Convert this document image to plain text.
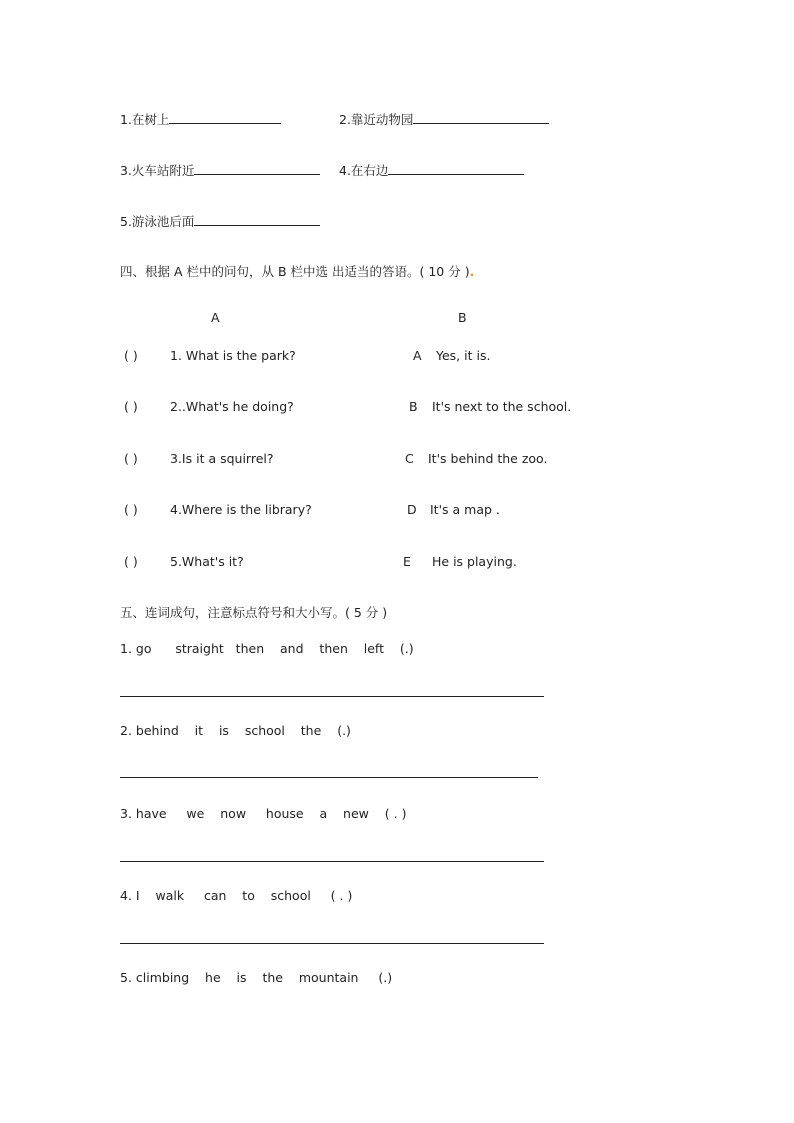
1.在树上	2.靠近动物园
3.火车站附近	4.在右边
5.游泳池后面
四、根据 A 栏中的问句，从 B 栏中选 出适当的答语。( 10 分 ).
A	B
( )	1. What is the park?	A Yes, it is.
( )	2..What's he doing?	B It's next to the school.
( )	3.Is it a squirrel?	C It's behind the zoo.
( )	4.Where is the library?	D It's a map .
( )	5.What's it?	E He is playing.
五、连词成句，注意标点符号和大小写。( 5 分 )
1. go      straight   then    and    then    left    (.)
2. behind    it    is    school    the    (.)
3. have     we    now     house    a    new    ( . )
4. I    walk     can    to    school     ( . )
5. climbing    he    is    the    mountain     (.)
